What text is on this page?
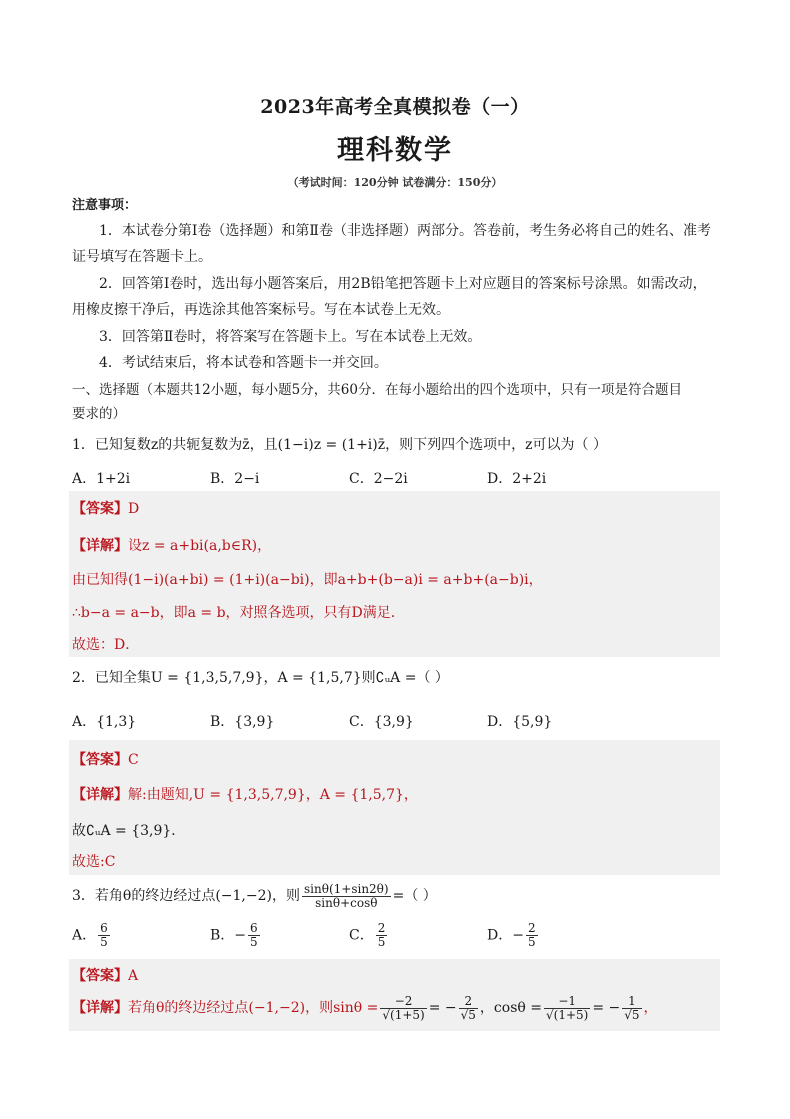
2023年高考全真模拟卷（一）
理科数学
（考试时间：120分钟 试卷满分：150分）
注意事项：
1．本试卷分第Ⅰ卷（选择题）和第Ⅱ卷（非选择题）两部分。答卷前，考生务必将自己的姓名、准考
证号填写在答题卡上。
2．回答第Ⅰ卷时，选出每小题答案后，用2B铅笔把答题卡上对应题目的答案标号涂黑。如需改动，
用橡皮擦干净后，再选涂其他答案标号。写在本试卷上无效。
3．回答第Ⅱ卷时，将答案写在答题卡上。写在本试卷上无效。
4．考试结束后，将本试卷和答题卡一并交回。
一、选择题（本题共12小题，每小题5分，共60分．在每小题给出的四个选项中，只有一项是符合题目
要求的）
1．已知复数z的共轭复数为z̄，且(1−i)z = (1+i)z̄，则下列四个选项中，z可以为（ ）
A．1+2i	B．2−i	C．2−2i	D．2+2i
【答案】D
【详解】设z = a+bi(a,b∈R)，
由已知得(1−i)(a+bi) = (1+i)(a−bi)，即a+b+(b−a)i = a+b+(a−b)i，
∴b−a = a−b，即a = b，对照各选项，只有D满足．
故选：D．
2．已知全集U = {1,3,5,7,9}，A = {1,5,7}则∁ᵤA =（ ）
A．{1,3}	B．{3,9}	C．{3,9}	D．{5,9}
【答案】C
【详解】解:由题知,U = {1,3,5,7,9}，A = {1,5,7}，
故∁ᵤA = {3,9}．
故选:C
3．若角θ的终边经过点(−1,−2)，则 $\frac{\sin\theta(1+\sin 2\theta)}{\sin\theta+\cos\theta}$ =（ ）
A． $\frac{6}{5}$	B．− $\frac{6}{5}$	C． $\frac{2}{5}$	D．− $\frac{2}{5}$
【答案】A
【详解】若角θ的终边经过点(−1,−2)，则$\sin\theta = \frac{-2}{√(1+5)}$ = − $\frac{2}{√5}$ ，$\cos\theta = \frac{-1}{√(1+5)}$ = − $\frac{1}{√5}$ ，
